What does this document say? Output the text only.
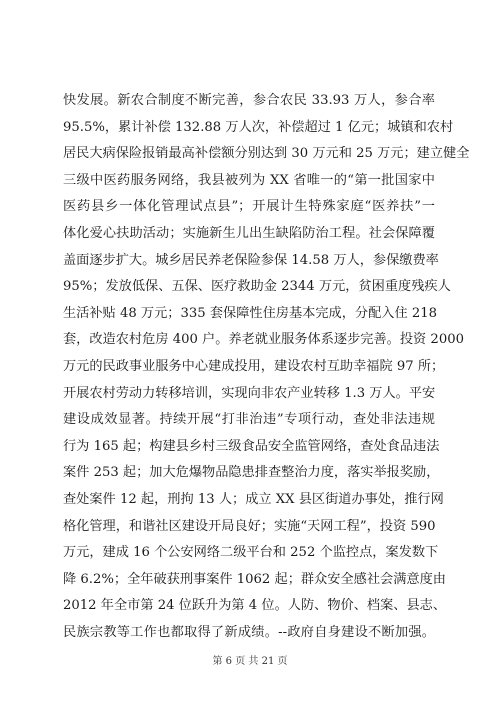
快发展。新农合制度不断完善，参合农民 33.93 万人，参合率
95.5%，累计补偿 132.88 万人次，补偿超过 1 亿元；城镇和农村
居民大病保险报销最高补偿额分别达到 30 万元和 25 万元；建立健全
三级中医药服务网络，我县被列为 XX 省唯一的“第一批国家中
医药县乡一体化管理试点县”；开展计生特殊家庭“医养扶”一
体化爱心扶助活动；实施新生儿出生缺陷防治工程。社会保障覆
盖面逐步扩大。城乡居民养老保险参保 14.58 万人，参保缴费率
95%；发放低保、五保、医疗救助金 2344 万元，贫困重度残疾人
生活补贴 48 万元；335 套保障性住房基本完成，分配入住 218
套，改造农村危房 400 户。养老就业服务体系逐步完善。投资 2000
万元的民政事业服务中心建成投用，建设农村互助幸福院 97 所；
开展农村劳动力转移培训，实现向非农产业转移 1.3 万人。平安
建设成效显著。持续开展“打非治违”专项行动，查处非法违规
行为 165 起；构建县乡村三级食品安全监管网络，查处食品违法
案件 253 起；加大危爆物品隐患排查整治力度，落实举报奖励，
查处案件 12 起，刑拘 13 人；成立 XX 县区街道办事处，推行网
格化管理，和谐社区建设开局良好；实施“天网工程”，投资 590
万元，建成 16 个公安网络二级平台和 252 个监控点，案发数下
降 6.2%；全年破获刑事案件 1062 起；群众安全感社会满意度由
2012 年全市第 24 位跃升为第 4 位。人防、物价、档案、县志、
民族宗教等工作也都取得了新成绩。--政府自身建设不断加强。
第 6 页 共 21 页
